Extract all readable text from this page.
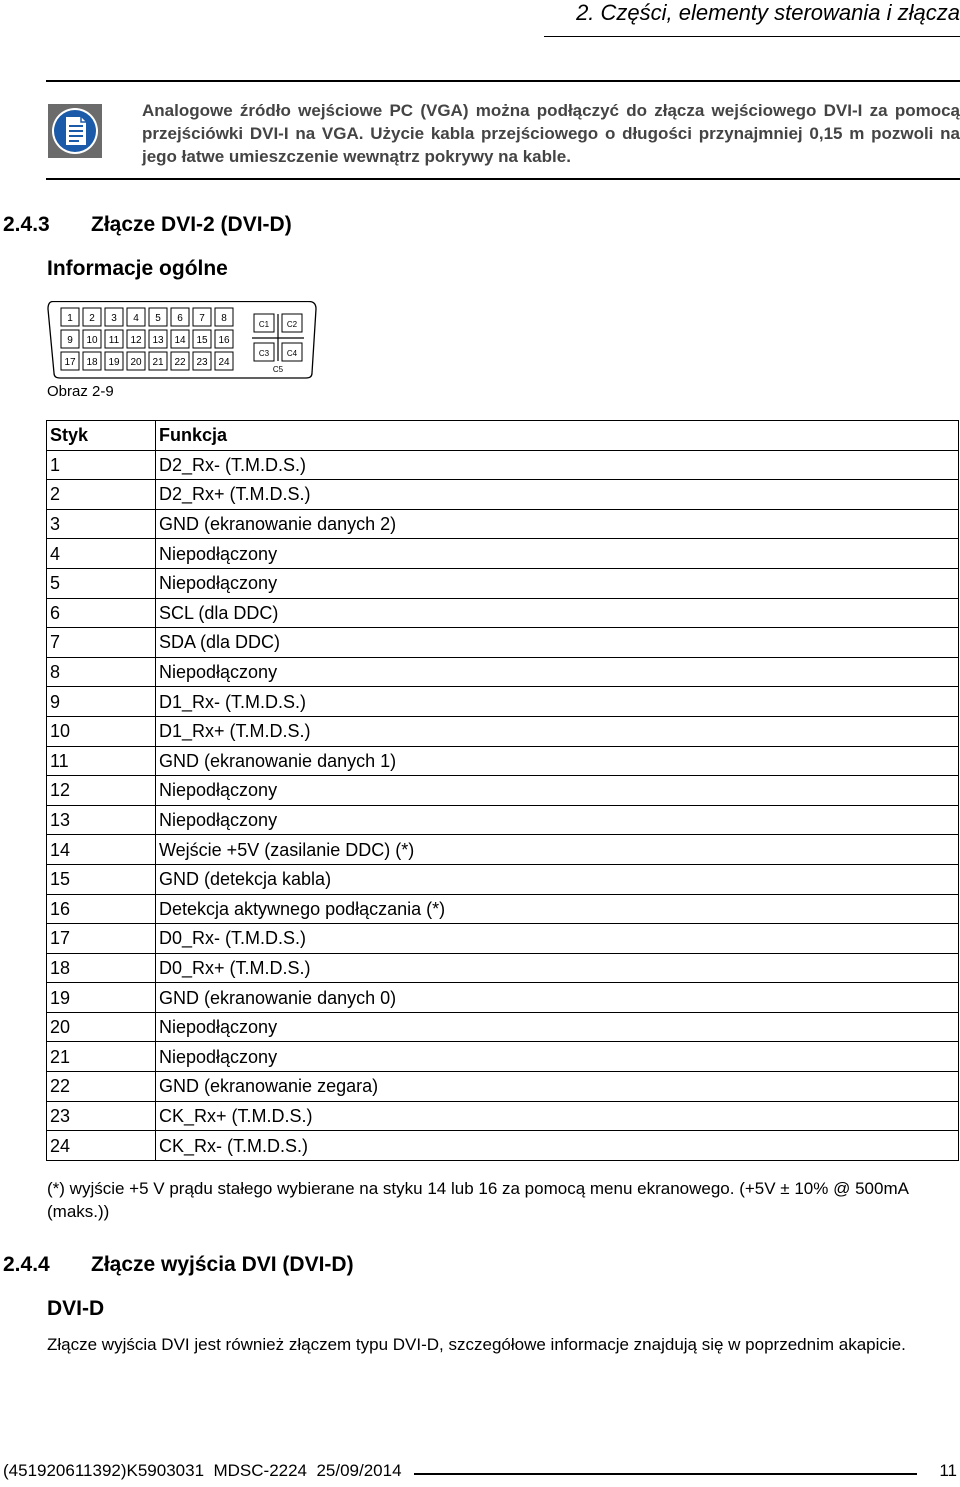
2. Części, elementy sterowania i złącza
Analogowe źródło wejściowe PC (VGA) można podłączyć do złącza wejściowego DVI-I za pomocą przejściówki DVI-I na VGA. Użycie kabla przejściowego o długości przynajmniej 0,15 m pozwoli na jego łatwe umieszczenie wewnątrz pokrywy na kable.
2.4.3 Złącze DVI-2 (DVI-D)
Informacje ogólne
1 2 3 4 5 6 7 8
9 10 11 12 13 14 15 16
17 18 19 20 21 22 23 24
C1 C2
C3 C4
C5
Obraz 2-9
Styk	Funkcja
1	D2_Rx- (T.M.D.S.)
2	D2_Rx+ (T.M.D.S.)
3	GND (ekranowanie danych 2)
4	Niepodłączony
5	Niepodłączony
6	SCL (dla DDC)
7	SDA (dla DDC)
8	Niepodłączony
9	D1_Rx- (T.M.D.S.)
10	D1_Rx+ (T.M.D.S.)
11	GND (ekranowanie danych 1)
12	Niepodłączony
13	Niepodłączony
14	Wejście +5V (zasilanie DDC) (*)
15	GND (detekcja kabla)
16	Detekcja aktywnego podłączania (*)
17	D0_Rx- (T.M.D.S.)
18	D0_Rx+ (T.M.D.S.)
19	GND (ekranowanie danych 0)
20	Niepodłączony
21	Niepodłączony
22	GND (ekranowanie zegara)
23	CK_Rx+ (T.M.D.S.)
24	CK_Rx- (T.M.D.S.)
(*) wyjście +5 V prądu stałego wybierane na styku 14 lub 16 za pomocą menu ekranowego. (+5V ± 10% @ 500mA (maks.))
2.4.4 Złącze wyjścia DVI (DVI-D)
DVI-D
Złącze wyjścia DVI jest również złączem typu DVI-D, szczegółowe informacje znajdują się w poprzednim akapicie.
(451920611392)K5903031  MDSC-2224  25/09/2014	11
